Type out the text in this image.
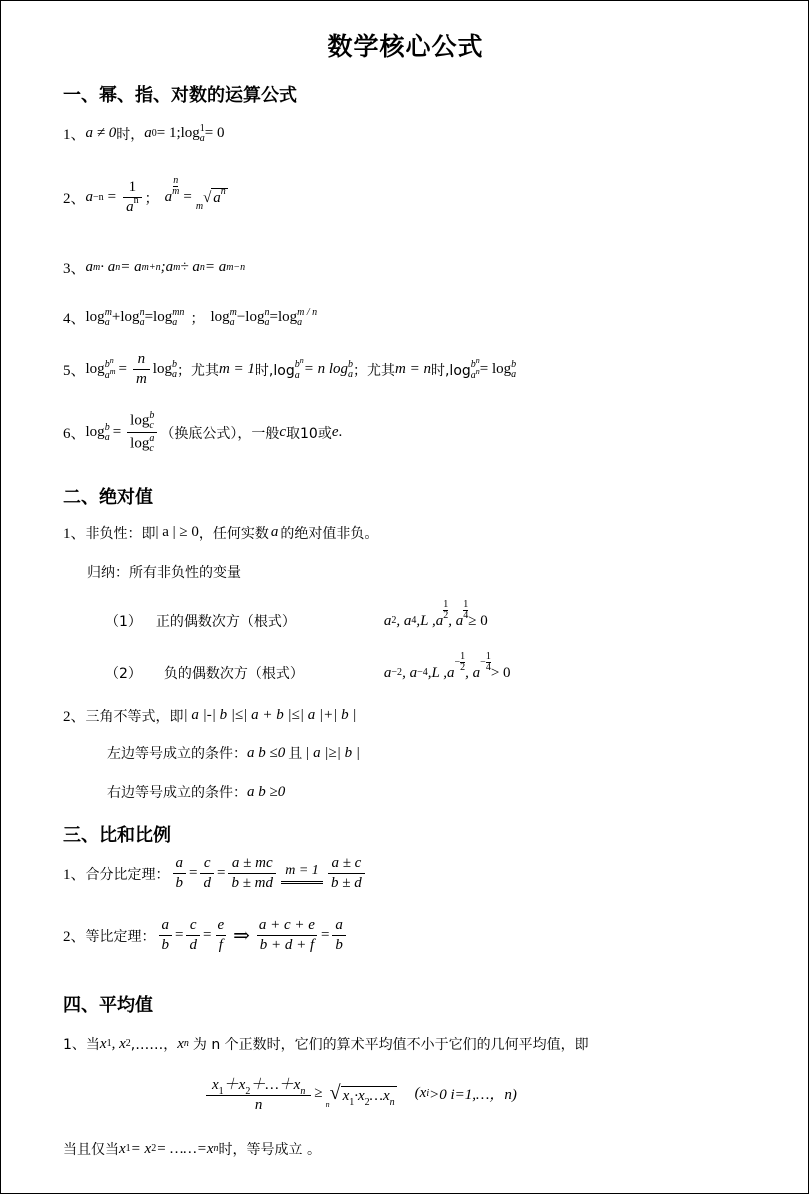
数学核心公式
一、幂、指、对数的运算公式
1、 a ≠ 0 时， a 0 = 1;log 1
a = 0
2、 $a -n = \frac{1}{a^n}$ ； a $\frac{n}{m}$ =
m
√ $a^n$
3、 a m · a n = a m+n ;a m ÷ a n = a m−n
4、 log m
a +log n
a =log mn
a ； log m
a −log n
a =log m / n
a
5、 $\log b^n$
$a^m = \frac{n}{m}$ log b
a ；尤其 m = 1 时,log $b^n$
a = n log b
a ；尤其 m = n 时,log $b^n$
$a^n = \log b$
a
6、 log b
a = log b
c
log a
c （换底公式），一般 c 取10或 e .
二、绝对值
1、 非负性：即 | a | ≥ 0 ，任何实数 a 的绝对值非负。
归纳：所有非负性的变量
（1） 正的偶数次方（根式）	a 2 , a 4 ,L ,a
1
2 , a $\frac{1}{4} \ge 0$
（2） 负的偶数次方（根式）	a −2 , a −4 ,L ,a
− $\frac{1}{2}$ , a
− $\frac{1}{4} > 0$
2、 三角不等式，即 | a |-| b |≤| a + b |≤| a |+| b |
左边等号成立的条件： a b ≤0 且 | a |≥| b |
右边等号成立的条件： a b ≥0
三、比和比例
1、 合分比定理： $\frac{a}{b} = \frac{c}{d} = \frac{a \pm mc}{b \pm md}$ $m = 1 \frac{a \pm c}{b \pm d}$
2、 等比定理： $\frac{a}{b} = \frac{c}{d} = \frac{e}{f}$ ⇒ $\frac{a + c + e}{b + d + f} = \frac{a}{b}$
四、平均值
1、当 x 1 , x 2 ,……， x n 为 n 个正数时，它们的算术平均值不小于它们的几何平均值，即
$\frac{x_1+x_2+\dots+x_n}{n}$ ≥
n
√ $x_1\cdot x_2\dots x_n$
(x i >0 i=1,…，n)
当且仅当 x 1 = x 2 = ……=x n 时，等号成立 。
